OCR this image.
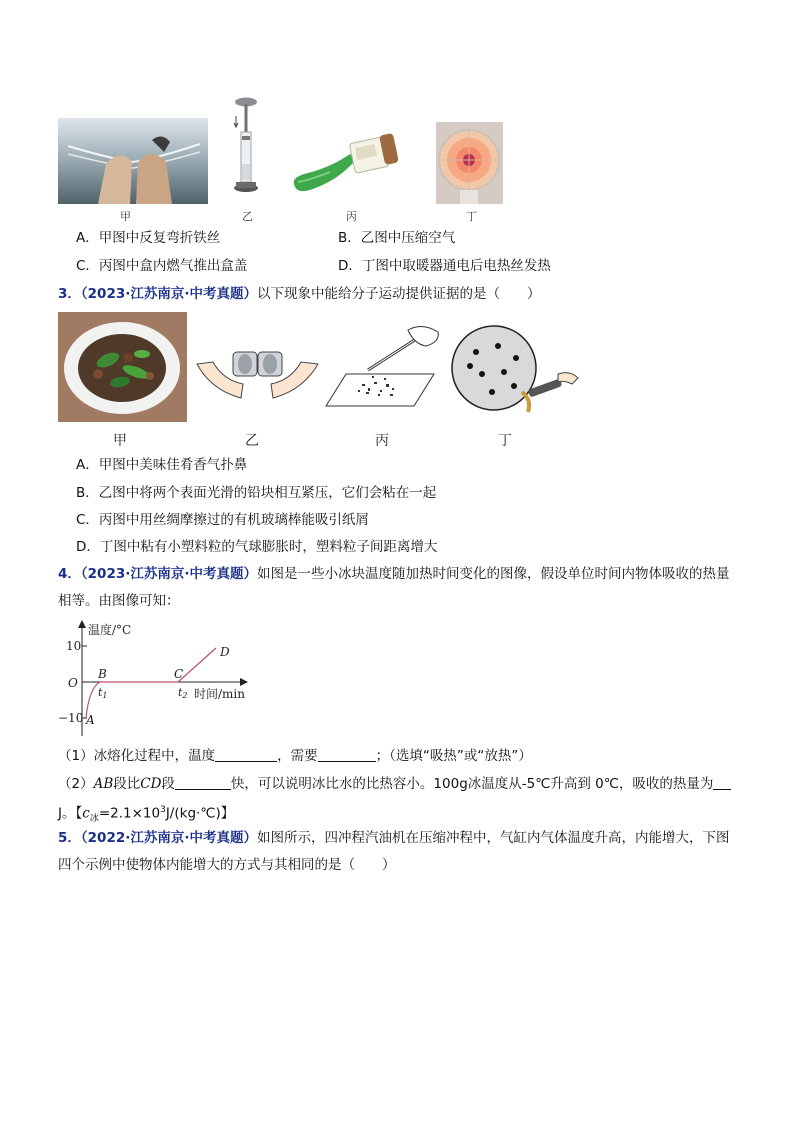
甲	乙	丙	丁
A．甲图中反复弯折铁丝	B．乙图中压缩空气
C．丙图中盒内燃气推出盒盖	D．丁图中取暖器通电后电热丝发热
3．（2023·江苏南京·中考真题）以下现象中能给分子运动提供证据的是（　　）
甲	乙	丙	丁
A．甲图中美味佳肴香气扑鼻
B．乙图中将两个表面光滑的铅块相互紧压，它们会粘在一起
C．丙图中用丝绸摩擦过的有机玻璃棒能吸引纸屑
D．丁图中粘有小塑料粒的气球膨胀时，塑料粒子间距离增大
4．（2023·江苏南京·中考真题）如图是一些小冰块温度随加热时间变化的图像，假设单位时间内物体吸收的热量
相等。由图像可知：
温度/°C
时间/min
10
−10
O
A
B	C
D
t1	t2
（1）冰熔化过程中，温度	，需要	；（选填“吸热”或“放热”）
（2）AB段比CD段	快，可以说明冰比水的比热容小。100g冰温度从-5℃升高到 0℃，吸收的热量为
J。【$c_冰=2.1\times 10^3J/(kg\cdot℃)$】
5．（2022·江苏南京·中考真题）如图所示，四冲程汽油机在压缩冲程中，气缸内气体温度升高，内能增大，下图
四个示例中使物体内能增大的方式与其相同的是（　　）
